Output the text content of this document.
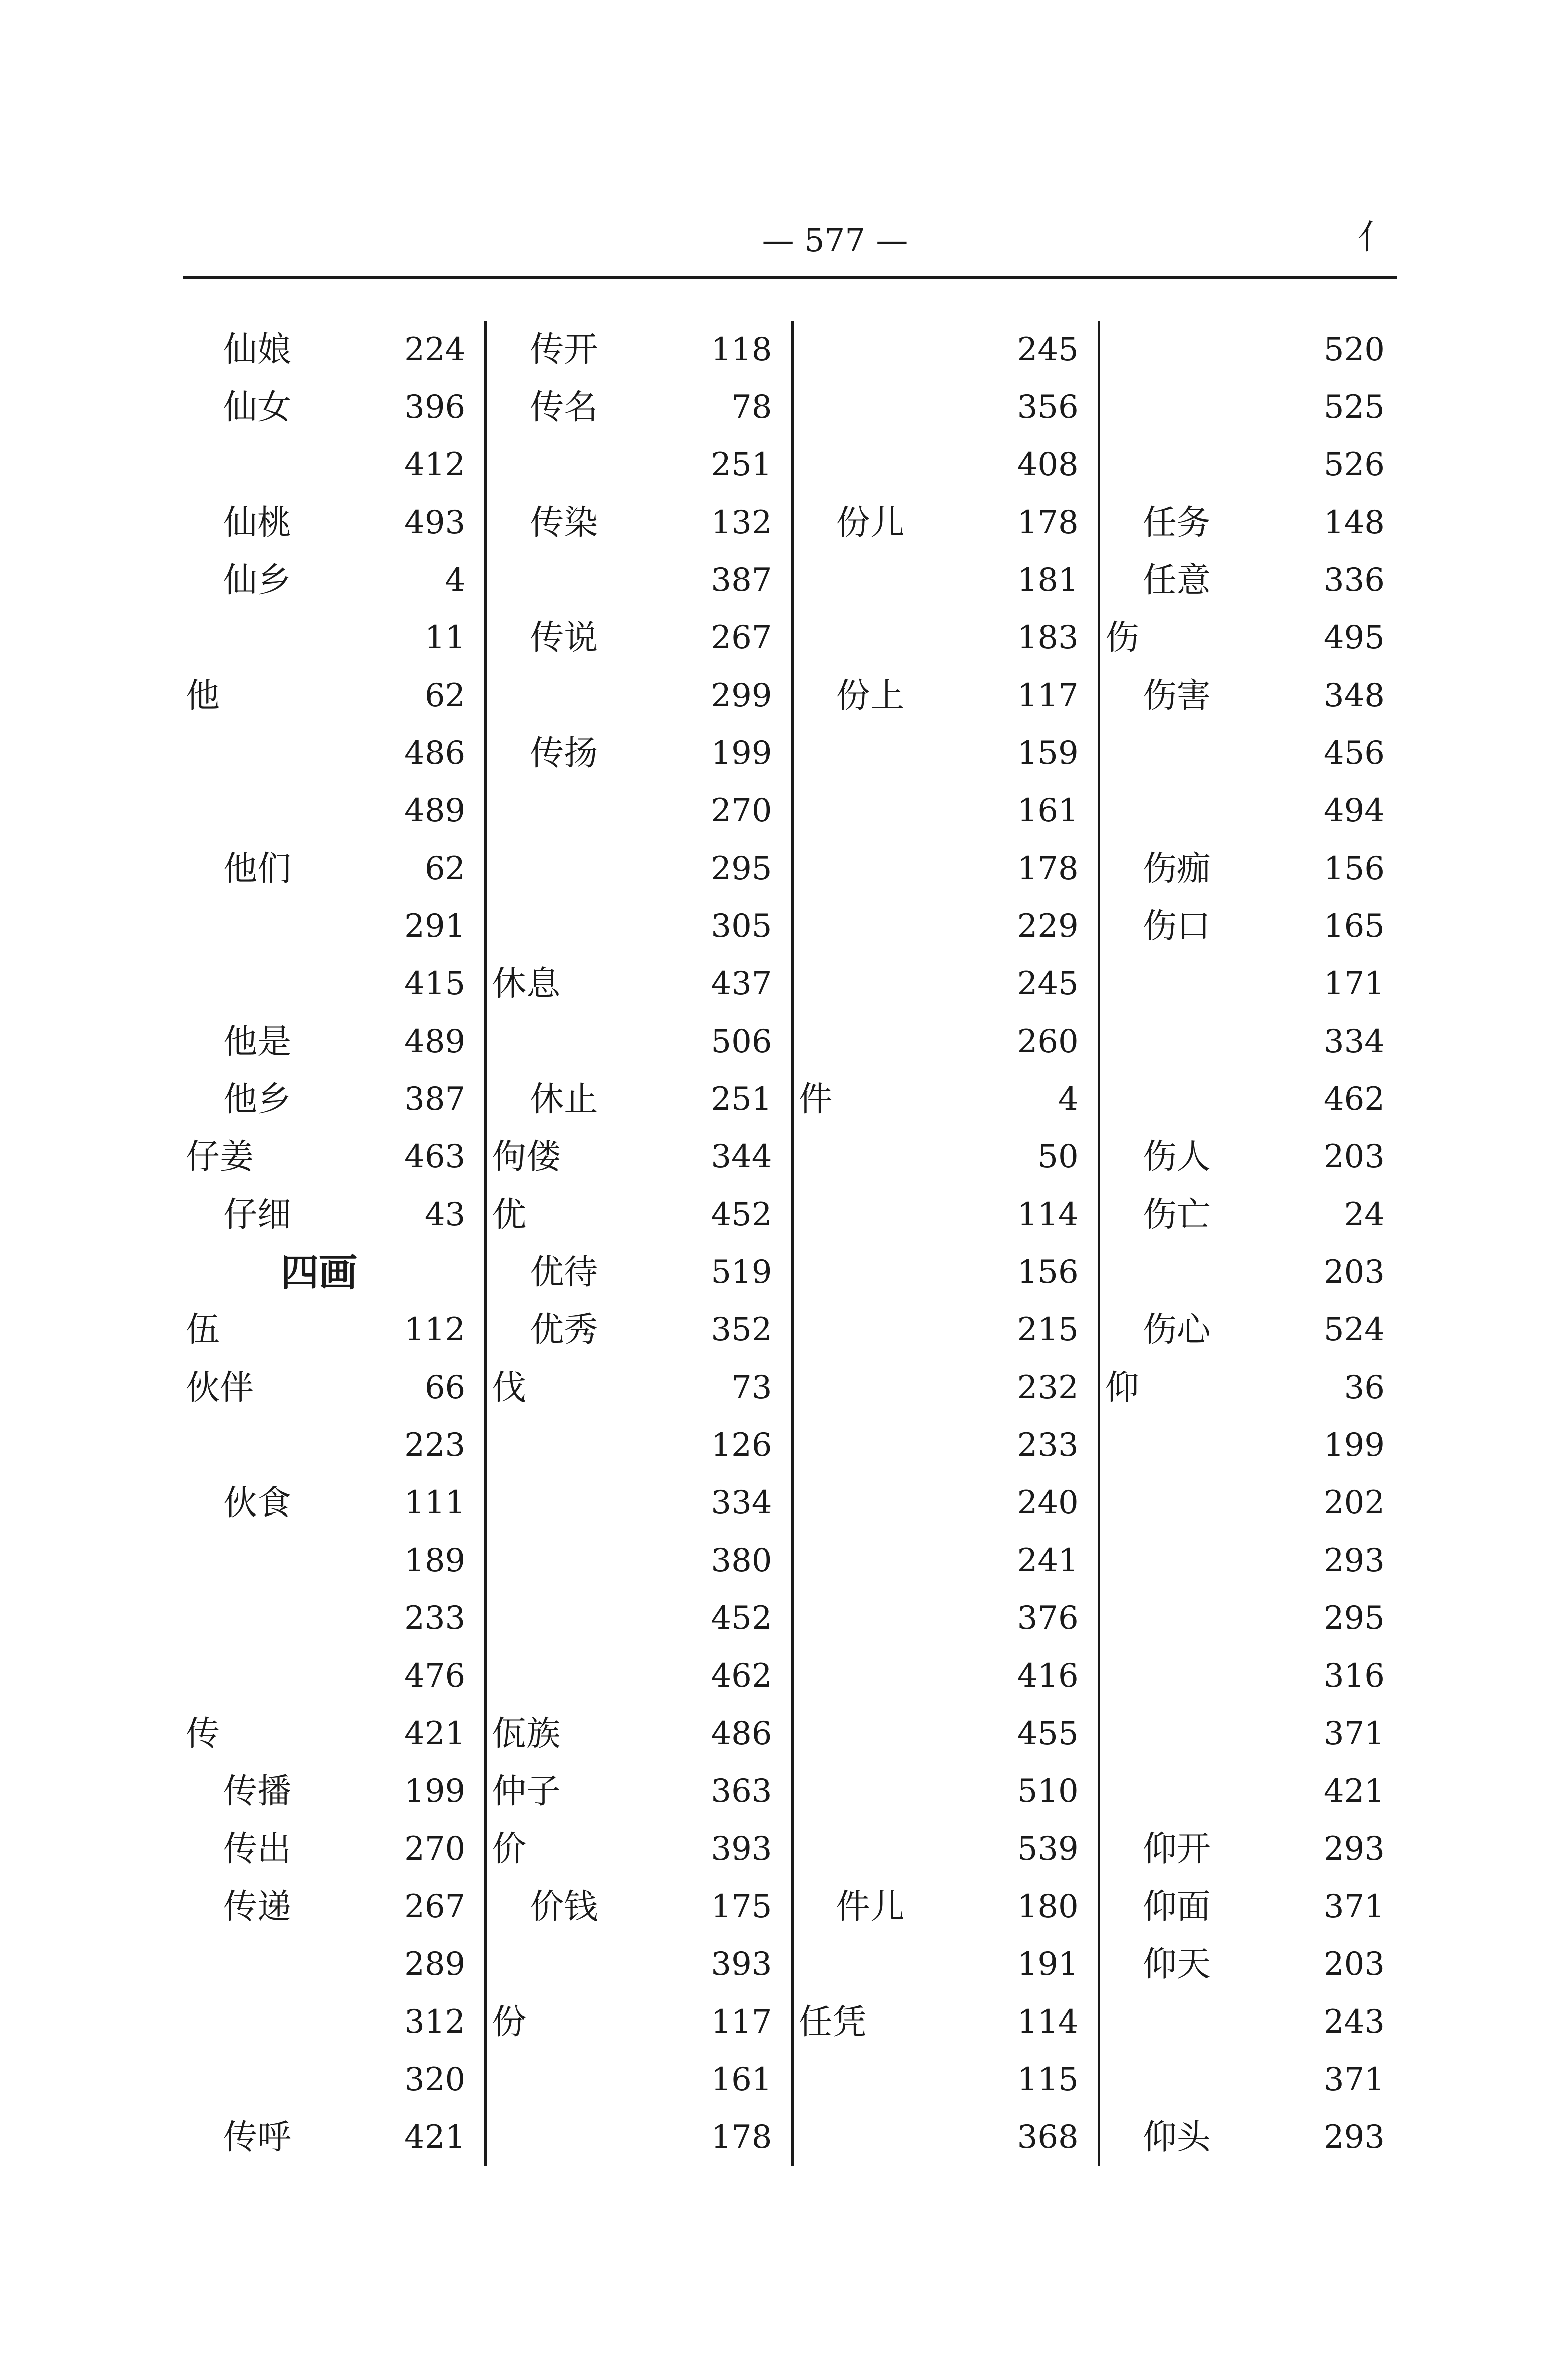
— 577 —	亻
仙娘	224
仙女	396
412
仙桃	493
仙乡	4
11
他	62
486
489
他们	62
291
415
他是	489
他乡	387
仔姜	463
仔细	43
四画
伍	112
伙伴	66
223
伙食	111
189
233
476
传	421
传播	199
传出	270
传递	267
289
312
320
传呼	421
传开	118
传名	78
251
传染	132
387
传说	267
299
传扬	199
270
295
305
休息	437
506
休止	251
佝偻	344
优	452
优待	519
优秀	352
伐	73
126
334
380
452
462
佤族	486
仲子	363
价	393
价钱	175
393
份	117
161
178
245
356
408
份儿	178
181
183
份上	117
159
161
178
229
245
260
件	4
50
114
156
215
232
233
240
241
376
416
455
510
539
件儿	180
191
任凭	114
115
368
520
525
526
任务	148
任意	336
伤	495
伤害	348
456
494
伤痂	156
伤口	165
171
334
462
伤人	203
伤亡	24
203
伤心	524
仰	36
199
202
293
295
316
371
421
仰开	293
仰面	371
仰天	203
243
371
仰头	293
